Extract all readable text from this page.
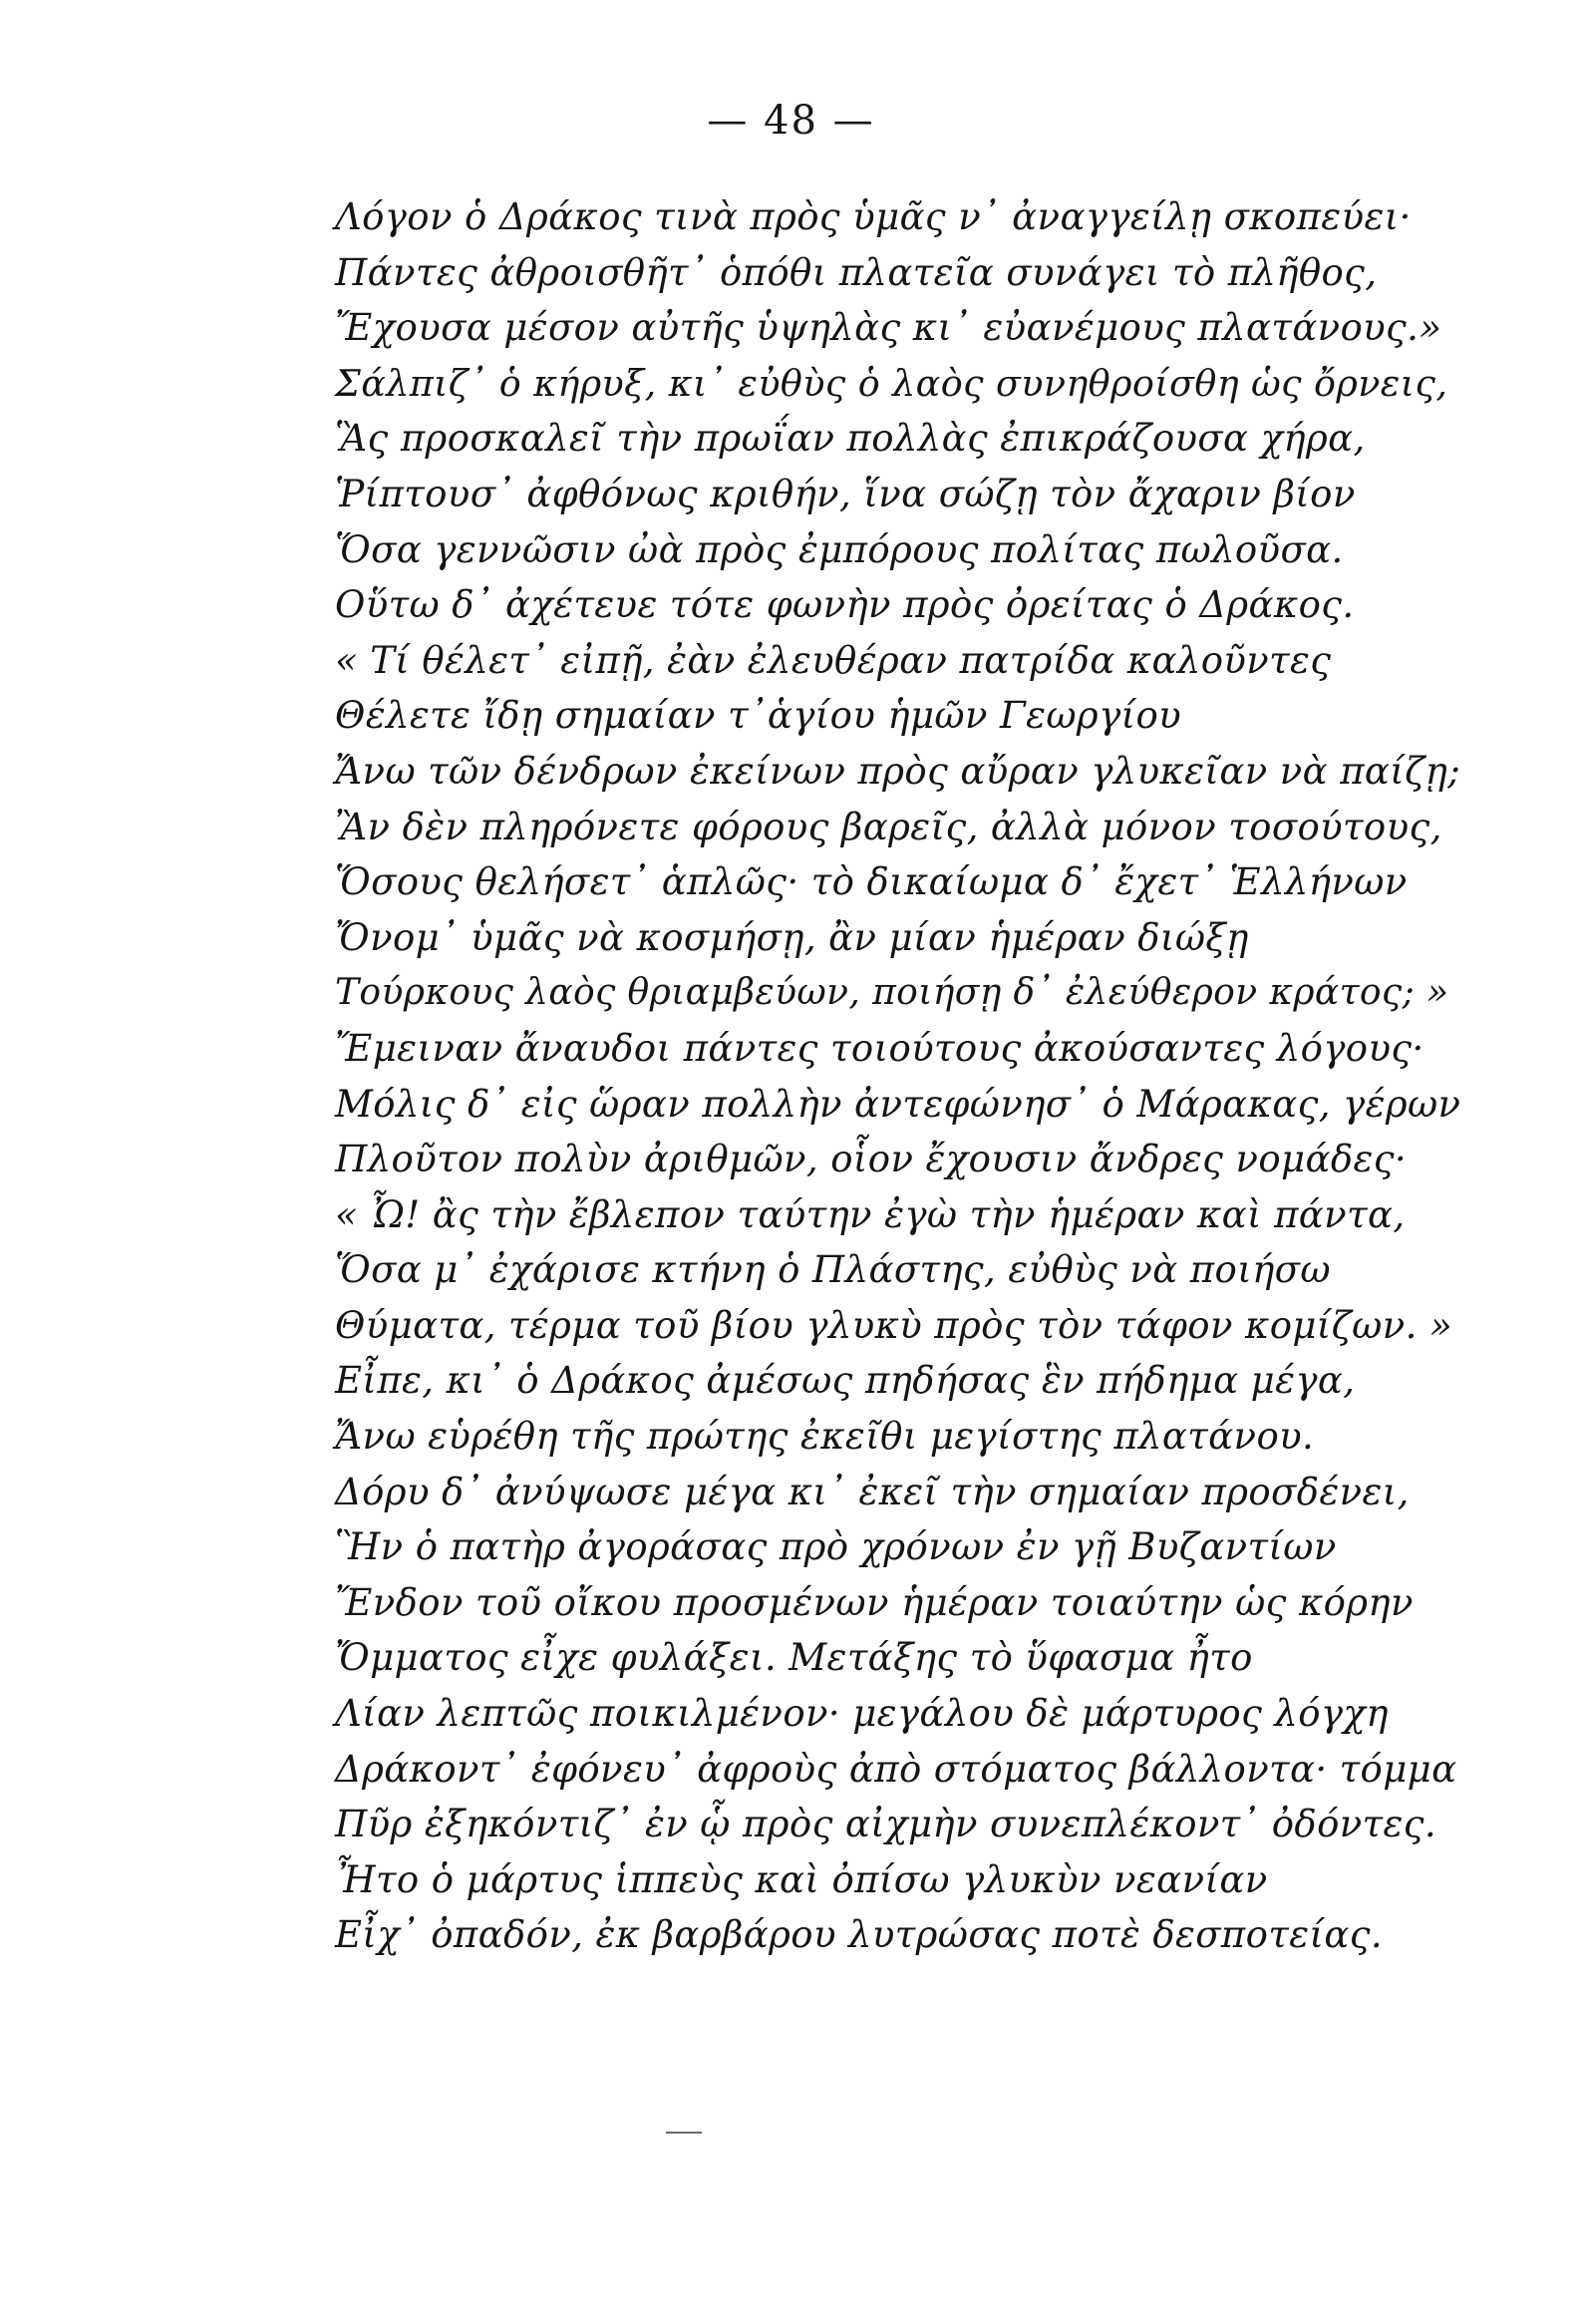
— 48 —
Λόγον ὁ Δράκος τινὰ πρὸς ὑμᾶς ν᾽ ἀναγγείλῃ σκοπεύει·
Πάντες ἀθροισθῆτ᾽ ὁπόθι πλατεῖα συνάγει τὸ πλῆθος,
Ἔχουσα μέσον αὐτῆς ὑψηλὰς κι᾽ εὐανέμους πλατάνους.»
Σάλπιζ᾽ ὁ κήρυξ, κι᾽ εὐθὺς ὁ λαὸς συνηθροίσθη ὡς ὄρνεις,
Ἃς προσκαλεῖ τὴν πρωΐαν πολλὰς ἐπικράζουσα χήρα,
Ῥίπτουσ᾽ ἀφθόνως κριθήν, ἵνα σώζῃ τὸν ἄχαριν βίον
Ὅσα γεννῶσιν ὠὰ πρὸς ἐμπόρους πολίτας πωλοῦσα.
Οὕτω δ᾽ ἀχέτευε τότε φωνὴν πρὸς ὀρείτας ὁ Δράκος.
« Τί θέλετ᾽ εἰπῇ, ἐὰν ἐλευθέραν πατρίδα καλοῦντες
Θέλετε ἴδῃ σημαίαν τ᾽ἁγίου ἡμῶν Γεωργίου
Ἄνω τῶν δένδρων ἐκείνων πρὸς αὔραν γλυκεῖαν νὰ παίζῃ;
Ἂν δὲν πληρόνετε φόρους βαρεῖς, ἀλλὰ μόνον τοσούτους,
Ὅσους θελήσετ᾽ ἁπλῶς· τὸ δικαίωμα δ᾽ ἔχετ᾽ Ἑλλήνων
Ὄνομ᾽ ὑμᾶς νὰ κοσμήσῃ, ἂν μίαν ἡμέραν διώξῃ
Τούρκους λαὸς θριαμβεύων, ποιήσῃ δ᾽ ἐλεύθερον κράτος; »
Ἔμειναν ἄναυδοι πάντες τοιούτους ἀκούσαντες λόγους·
Μόλις δ᾽ εἰς ὥραν πολλὴν ἀντεφώνησ᾽ ὁ Μάρακας, γέρων
Πλοῦτον πολὺν ἀριθμῶν, οἷον ἔχουσιν ἄνδρες νομάδες·
« Ὦ! ἂς τὴν ἔβλεπον ταύτην ἐγὼ τὴν ἡμέραν καὶ πάντα,
Ὅσα μ᾽ ἐχάρισε κτήνη ὁ Πλάστης, εὐθὺς νὰ ποιήσω
Θύματα, τέρμα τοῦ βίου γλυκὺ πρὸς τὸν τάφον κομίζων. »
Εἶπε, κι᾽ ὁ Δράκος ἀμέσως πηδήσας ἓν πήδημα μέγα,
Ἄνω εὑρέθη τῆς πρώτης ἐκεῖθι μεγίστης πλατάνου.
Δόρυ δ᾽ ἀνύψωσε μέγα κι᾽ ἐκεῖ τὴν σημαίαν προσδένει,
Ἣν ὁ πατὴρ ἀγοράσας πρὸ χρόνων ἐν γῇ Βυζαντίων
Ἔνδον τοῦ οἴκου προσμένων ἡμέραν τοιαύτην ὡς κόρην
Ὄμματος εἶχε φυλάξει. Μετάξης τὸ ὕφασμα ἦτο
Λίαν λεπτῶς ποικιλμένον· μεγάλου δὲ μάρτυρος λόγχη
Δράκοντ᾽ ἐφόνευ᾽ ἀφροὺς ἀπὸ στόματος βάλλοντα· τόμμα
Πῦρ ἐξηκόντιζ᾽ ἐν ᾧ πρὸς αἰχμὴν συνεπλέκοντ᾽ ὀδόντες.
Ἦτο ὁ μάρτυς ἱππεὺς καὶ ὀπίσω γλυκὺν νεανίαν
Εἶχ᾽ ὀπαδόν, ἐκ βαρβάρου λυτρώσας ποτὲ δεσποτείας.
